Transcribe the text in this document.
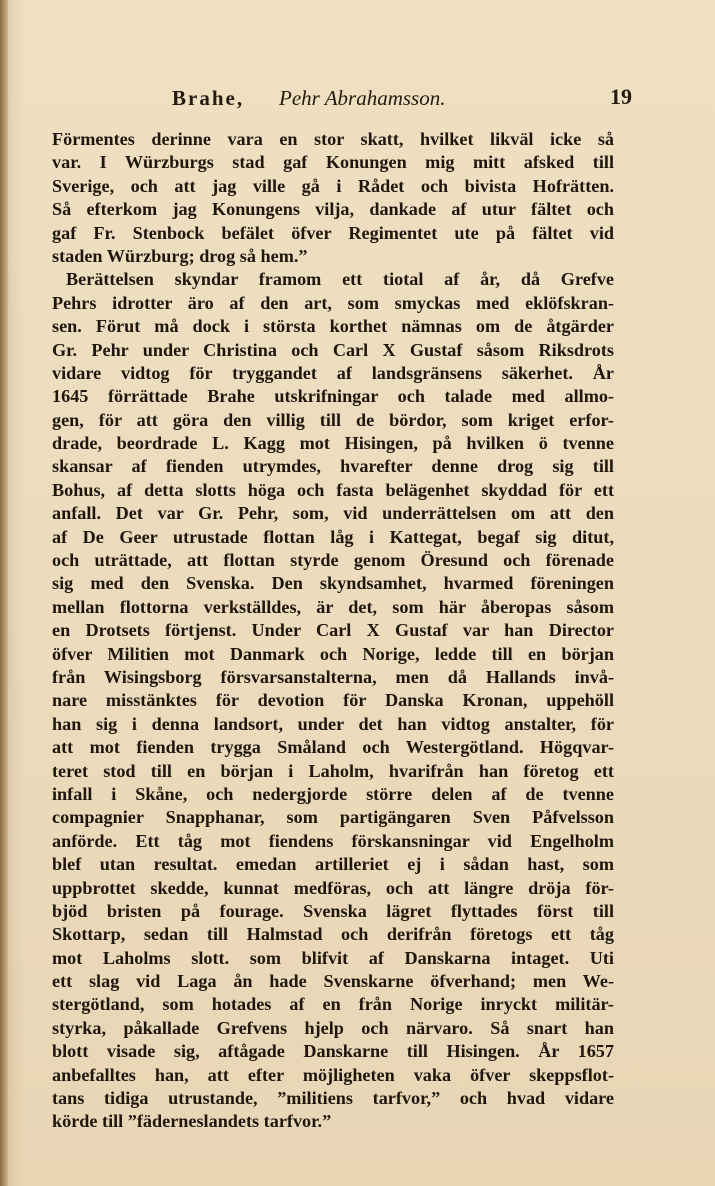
Brahe, Pehr Abrahamsson.	19
Förmentes derinne vara en stor skatt, hvilket likväl icke så
var. I Würzburgs stad gaf Konungen mig mitt afsked till
Sverige, och att jag ville gå i Rådet och bivista Hofrätten.
Så efterkom jag Konungens vilja, dankade af utur fältet och
gaf Fr. Stenbock befälet öfver Regimentet ute på fältet vid
staden Würzburg; drog så hem.”
Berättelsen skyndar framom ett tiotal af år, då Grefve
Pehrs idrotter äro af den art, som smyckas med eklöfskran-
sen. Förut må dock i största korthet nämnas om de åtgärder
Gr. Pehr under Christina och Carl X Gustaf såsom Riksdrots
vidare vidtog för tryggandet af landsgränsens säkerhet. År
1645 förrättade Brahe utskrifningar och talade med allmo-
gen, för att göra den villig till de bördor, som kriget erfor-
drade, beordrade L. Kagg mot Hisingen, på hvilken ö tvenne
skansar af fienden utrymdes, hvarefter denne drog sig till
Bohus, af detta slotts höga och fasta belägenhet skyddad för ett
anfall. Det var Gr. Pehr, som, vid underrättelsen om att den
af De Geer utrustade flottan låg i Kattegat, begaf sig ditut,
och uträttade, att flottan styrde genom Öresund och förenade
sig med den Svenska. Den skyndsamhet, hvarmed föreningen
mellan flottorna verkställdes, är det, som här åberopas såsom
en Drotsets förtjenst. Under Carl X Gustaf var han Director
öfver Militien mot Danmark och Norige, ledde till en början
från Wisingsborg försvarsanstalterna, men då Hallands invå-
nare misstänktes för devotion för Danska Kronan, uppehöll
han sig i denna landsort, under det han vidtog anstalter, för
att mot fienden trygga Småland och Westergötland. Högqvar-
teret stod till en början i Laholm, hvarifrån han företog ett
infall i Skåne, och nedergjorde större delen af de tvenne
compagnier Snapphanar, som partigängaren Sven Påfvelsson
anförde. Ett tåg mot fiendens förskansningar vid Engelholm
blef utan resultat. emedan artilleriet ej i sådan hast, som
uppbrottet skedde, kunnat medföras, och att längre dröja för-
bjöd bristen på fourage. Svenska lägret flyttades först till
Skottarp, sedan till Halmstad och derifrån företogs ett tåg
mot Laholms slott. som blifvit af Danskarna intaget. Uti
ett slag vid Laga ån hade Svenskarne öfverhand; men We-
stergötland, som hotades af en från Norige inryckt militär-
styrka, påkallade Grefvens hjelp och närvaro. Så snart han
blott visade sig, aftågade Danskarne till Hisingen. År 1657
anbefalltes han, att efter möjligheten vaka öfver skeppsflot-
tans tidiga utrustande, ”militiens tarfvor,” och hvad vidare
körde till ”fäderneslandets tarfvor.”
